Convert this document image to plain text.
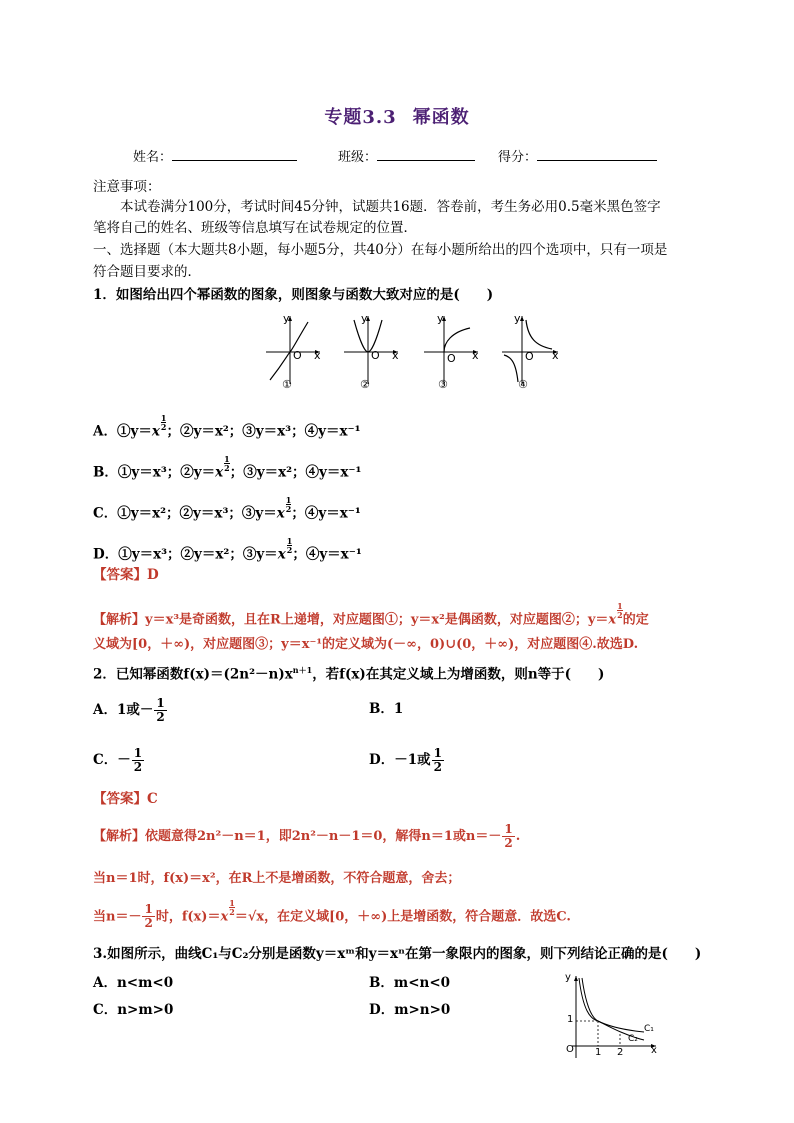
专题3.3 幂函数
姓名：	班级：	得分：
注意事项：
本试卷满分100分，考试时间45分钟，试题共16题．答卷前，考生务必用0.5毫米黑色签字
笔将自己的姓名、班级等信息填写在试卷规定的位置．
一、选择题（本大题共8小题，每小题5分，共40分）在每小题所给出的四个选项中，只有一项是
符合题目要求的．
1．如图给出四个幂函数的图象，则图象与函数大致对应的是(　　)
y
O x
①
y
O x
②
y
O x
③
y
O x
④
A．①y＝x
$\frac{1}{2}$
；②y＝x²；③y＝x³；④y＝x⁻¹
B．①y＝x³；②y＝x
$\frac{1}{2}$
；③y＝x²；④y＝x⁻¹
C．①y＝x²；②y＝x³；③y＝x
$\frac{1}{2}$
；④y＝x⁻¹
D．①y＝x³；②y＝x²；③y＝x
$\frac{1}{2}$
；④y＝x⁻¹
【答案】D
【解析】y＝x³是奇函数，且在R上递增，对应题图①；y＝x²是偶函数，对应题图②；y＝x
$\frac{1}{2}$
的定
义域为[0，＋∞)，对应题图③；y＝x⁻¹的定义域为(－∞，0)∪(0，＋∞)，对应题图④.故选D.
2．已知幂函数$f(x)=(2n^2-n)x^{n+1}$，若f(x)在其定义域上为增函数，则n等于(　　)
A．1或－ $\frac{1}{2}$	B．1
C．－ $\frac{1}{2}$	D．－1或 $\frac{1}{2}$
【答案】C
【解析】依题意得2n²－n＝1，即2n²－n－1＝0，解得n＝1或$n=- \frac{1}{2}$ .
当n＝1时，f(x)＝x²，在R上不是增函数，不符合题意，舍去；
当$n=- \frac{1}{2}$ 时，f(x)＝x
$\frac{1}{2}$
＝√x，在定义域[0，＋∞)上是增函数，符合题意．故选C.
3.如图所示，曲线C₁与C₂分别是函数y＝xᵐ和y＝xⁿ在第一象限内的图象，则下列结论正确的是(　　)
A．n<m<0	B．m<n<0
C．n>m>0	D．m>n>0
y
O
1
1 2	x
C₁
C₂
